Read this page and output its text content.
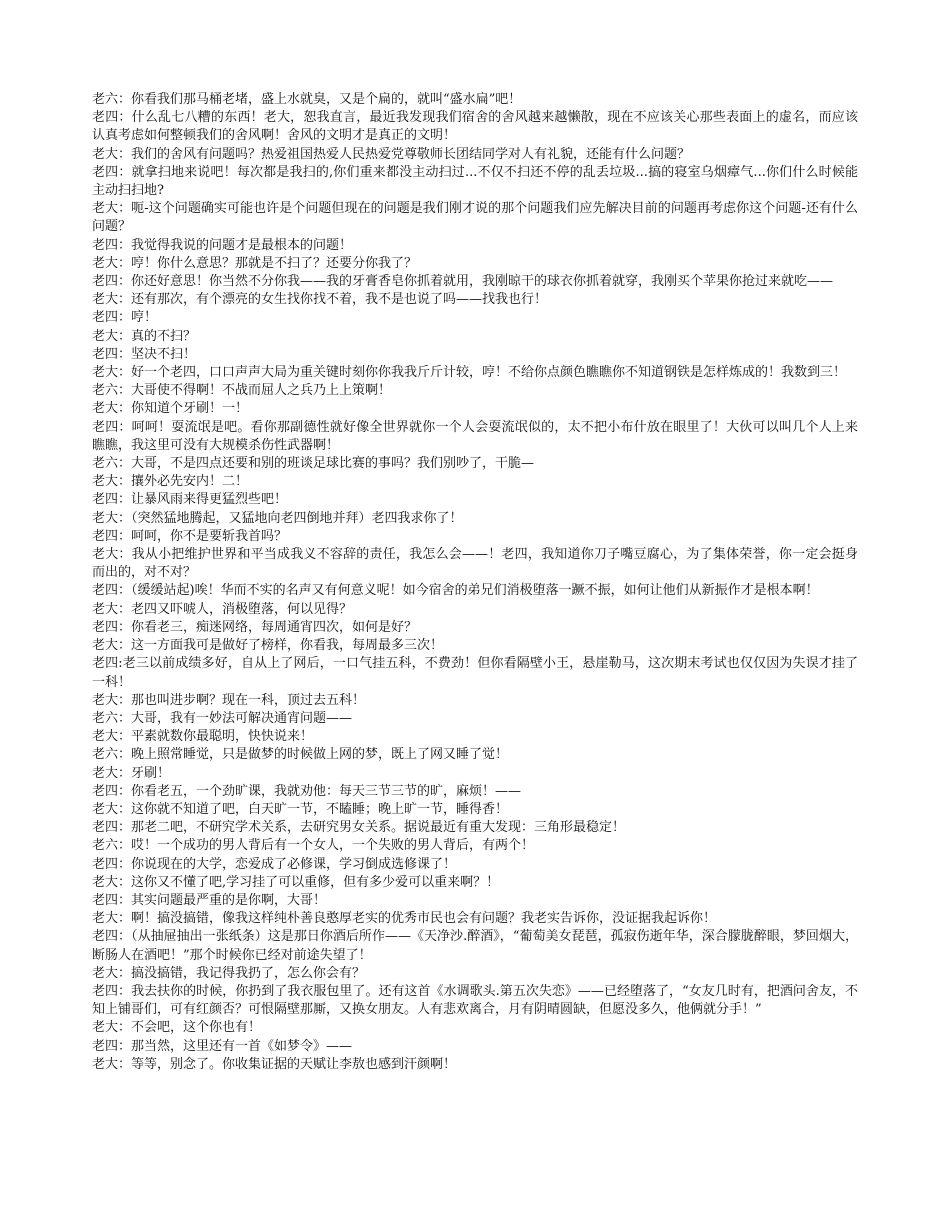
老六：你看我们那马桶老堵，盛上水就臭，又是个扁的，就叫“盛水扁”吧！

老四：什么乱七八糟的东西！老大，恕我直言，最近我发现我们宿舍的舍风越来越懒散，现在不应该关心那些表面上的虚名，而应该认真考虑如何整顿我们的舍风啊！舍风的文明才是真正的文明！

老大：我们的舍风有问题吗？热爱祖国热爱人民热爱党尊敬师长团结同学对人有礼貌，还能有什么问题？

老四：就拿扫地来说吧！每次都是我扫的,你们重来都没主动扫过...不仅不扫还不停的乱丢垃圾...搞的寝室乌烟瘴气...你们什么时候能主动扫扫地?

老大：呃-这个问题确实可能也许是个问题但现在的问题是我们刚才说的那个问题我们应先解决目前的问题再考虑你这个问题-还有什么问题？

老四：我觉得我说的问题才是最根本的问题！

老大：哼！你什么意思？那就是不扫了？还要分你我了？

老四：你还好意思！你当然不分你我——我的牙膏香皂你抓着就用，我刚晾干的球衣你抓着就穿，我刚买个苹果你抢过来就吃——

老大：还有那次，有个漂亮的女生找你找不着，我不是也说了吗——找我也行！

老四：哼！

老大：真的不扫？

老四：坚决不扫！

老大：好一个老四，口口声声大局为重关键时刻你你我我斤斤计较，哼！不给你点颜色瞧瞧你不知道钢铁是怎样炼成的！我数到三！

老六：大哥使不得啊！不战而屈人之兵乃上上策啊！

老大：你知道个牙刷！一！

老四：呵呵！耍流氓是吧。看你那副德性就好像全世界就你一个人会耍流氓似的，太不把小布什放在眼里了！大伙可以叫几个人上来瞧瞧，我这里可没有大规模杀伤性武器啊！

老六：大哥，不是四点还要和别的班谈足球比赛的事吗？我们别吵了，干脆—

老大：攘外必先安内！二！

老四：让暴风雨来得更猛烈些吧！

老大：（突然猛地腾起，又猛地向老四倒地并拜）老四我求你了！

老四：呵呵，你不是要斩我首吗？

老大：我从小把维护世界和平当成我义不容辞的责任，我怎么会——！老四，我知道你刀子嘴豆腐心，为了集体荣誉，你一定会挺身而出的，对不对？

老四：（缓缓站起)唉！华而不实的名声又有何意义呢！如今宿舍的弟兄们消极堕落一蹶不振，如何让他们从新振作才是根本啊！

老大：老四又吓唬人，消极堕落，何以见得？

老四：你看老三，痴迷网络，每周通宵四次，如何是好？

老大：这一方面我可是做好了榜样，你看我，每周最多三次！

老四:老三以前成绩多好，自从上了网后，一口气挂五科，不费劲！但你看隔壁小王，悬崖勒马，这次期末考试也仅仅因为失误才挂了一科！

老大：那也叫进步啊？现在一科，顶过去五科！

老六：大哥，我有一妙法可解决通宵问题——

老大：平素就数你最聪明，快快说来！

老六：晚上照常睡觉，只是做梦的时候做上网的梦，既上了网又睡了觉！

老大：牙刷！

老四：你看老五，一个劲旷课，我就劝他：每天三节三节的旷，麻烦！——

老大：这你就不知道了吧，白天旷一节，不瞌睡；晚上旷一节，睡得香！

老四：那老二吧，不研究学术关系，去研究男女关系。据说最近有重大发现：三角形最稳定！

老六：哎！一个成功的男人背后有一个女人，一个失败的男人背后，有两个！

老四：你说现在的大学，恋爱成了必修课，学习倒成选修课了！

老大：这你又不懂了吧,学习挂了可以重修，但有多少爱可以重来啊？！

老四：其实问题最严重的是你啊，大哥！

老大：啊！搞没搞错，像我这样纯朴善良憨厚老实的优秀市民也会有问题？我老实告诉你，没证据我起诉你！

老四：（从抽屉抽出一张纸条）这是那日你酒后所作——《天净沙.醉酒》，“葡萄美女琵琶，孤寂伤逝年华，深合朦胧醉眼，梦回烟大，断肠人在酒吧！”那个时候你已经对前途失望了！

老大：搞没搞错，我记得我扔了，怎么你会有？

老四：我去扶你的时候，你扔到了我衣服包里了。还有这首《水调歌头.第五次失恋》——已经堕落了，“女友几时有，把酒问舍友，不知上铺哥们，可有红颜否？可恨隔壁那厮，又换女朋友。人有悲欢离合，月有阴晴圆缺，但愿没多久，他俩就分手！”

老大：不会吧，这个你也有！

老四：那当然，这里还有一首《如梦令》——

老大：等等，别念了。你收集证据的天赋让李敖也感到汗颜啊！
